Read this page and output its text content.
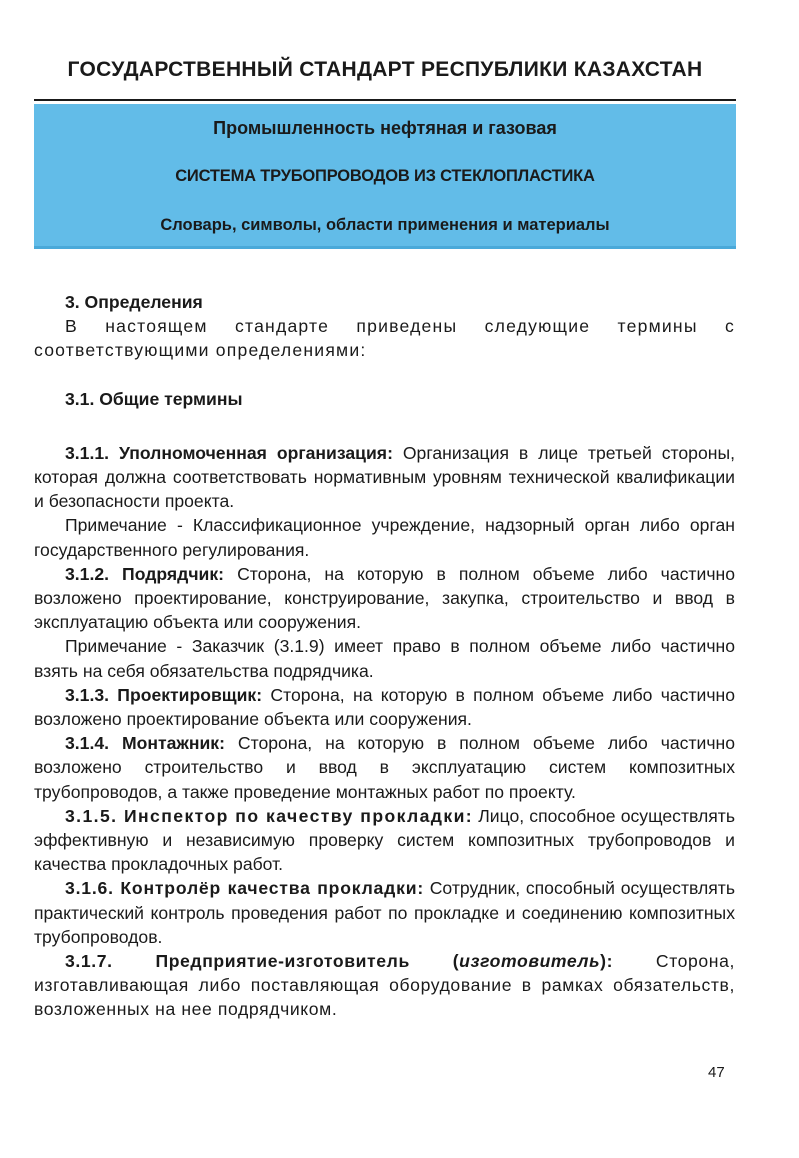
ГОСУДАРСТВЕННЫЙ СТАНДАРТ РЕСПУБЛИКИ КАЗАХСТАН
Промышленность нефтяная и газовая
СИСТЕМА ТРУБОПРОВОДОВ ИЗ СТЕКЛОПЛАСТИКА
Словарь, символы, области применения и материалы

3. Определения

В настоящем стандарте приведены следующие термины с соответствующими определениями:

3.1. Общие термины

3.1.1. Уполномоченная организация: Организация в лице третьей стороны, которая должна соответствовать нормативным уровням технической квалификации и безопасности проекта.

Примечание - Классификационное учреждение, надзорный орган либо орган государственного регулирования.

3.1.2. Подрядчик: Сторона, на которую в полном объеме либо частично возложено проектирование, конструирование, закупка, строительство и ввод в эксплуатацию объекта или сооружения.

Примечание - Заказчик (3.1.9) имеет право в полном объеме либо частично взять на себя обязательства подрядчика.

3.1.3. Проектировщик: Сторона, на которую в полном объеме либо частично возложено проектирование объекта или сооружения.

3.1.4. Монтажник: Сторона, на которую в полном объеме либо частично возложено строительство и ввод в эксплуатацию систем композитных трубопроводов, а также проведение монтажных работ по проекту.

3.1.5. Инспектор по качеству прокладки: Лицо, способное осуществлять эффективную и независимую проверку систем композитных трубопроводов и качества прокладочных работ.

3.1.6. Контролёр качества прокладки: Сотрудник, способный осуществлять практический контроль проведения работ по прокладке и соединению композитных трубопроводов.

3.1.7. Предприятие-изготовитель (изготовитель): Сторона, изготавливающая либо поставляющая оборудование в рамках обязательств, возложенных на нее подрядчиком.

47
